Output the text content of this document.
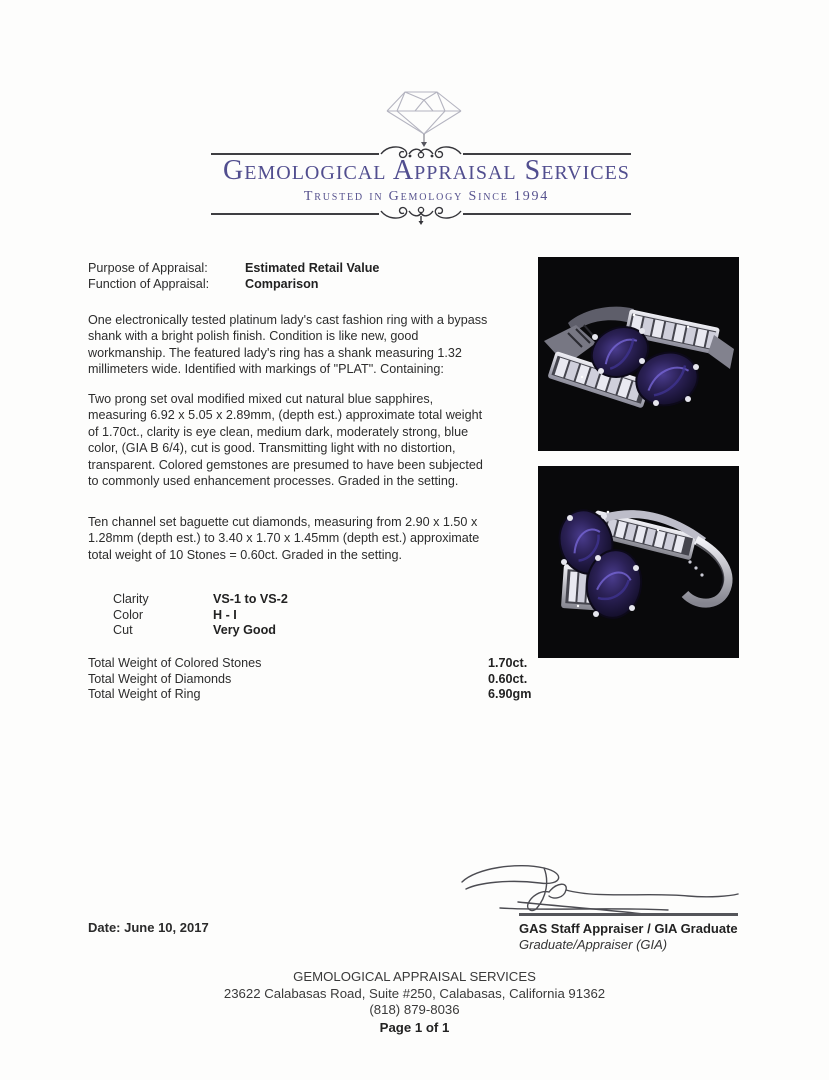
Gemological Appraisal Services
Trusted in Gemology Since 1994
Purpose of Appraisal:	Estimated Retail Value
Function of Appraisal:	Comparison
One electronically tested platinum lady's cast fashion ring with a bypass shank with a bright polish finish. Condition is like new, good workmanship. The featured lady's ring has a shank measuring 1.32 millimeters wide. Identified with markings of "PLAT". Containing:
Two prong set oval modified mixed cut natural blue sapphires, measuring 6.92 x 5.05 x 2.89mm, (depth est.) approximate total weight of 1.70ct., clarity is eye clean, medium dark, moderately strong, blue color, (GIA B 6/4), cut is good. Transmitting light with no distortion, transparent. Colored gemstones are presumed to have been subjected to commonly used enhancement processes. Graded in the setting.
Ten channel set baguette cut diamonds, measuring from 2.90 x 1.50 x 1.28mm (depth est.) to 3.40 x 1.70 x 1.45mm (depth est.) approximate total weight of 10 Stones = 0.60ct. Graded in the setting.
Clarity	VS-1 to VS-2
Color	H - I
Cut	Very Good
Total Weight of Colored Stones	1.70ct.
Total Weight of Diamonds	0.60ct.
Total Weight of Ring	6.90gm
Date: June 10, 2017	GAS Staff Appraiser / GIA Graduate
Graduate/Appraiser (GIA)
GEMOLOGICAL APPRAISAL SERVICES
23622 Calabasas Road, Suite #250, Calabasas, California 91362
(818) 879-8036
Page 1 of 1
